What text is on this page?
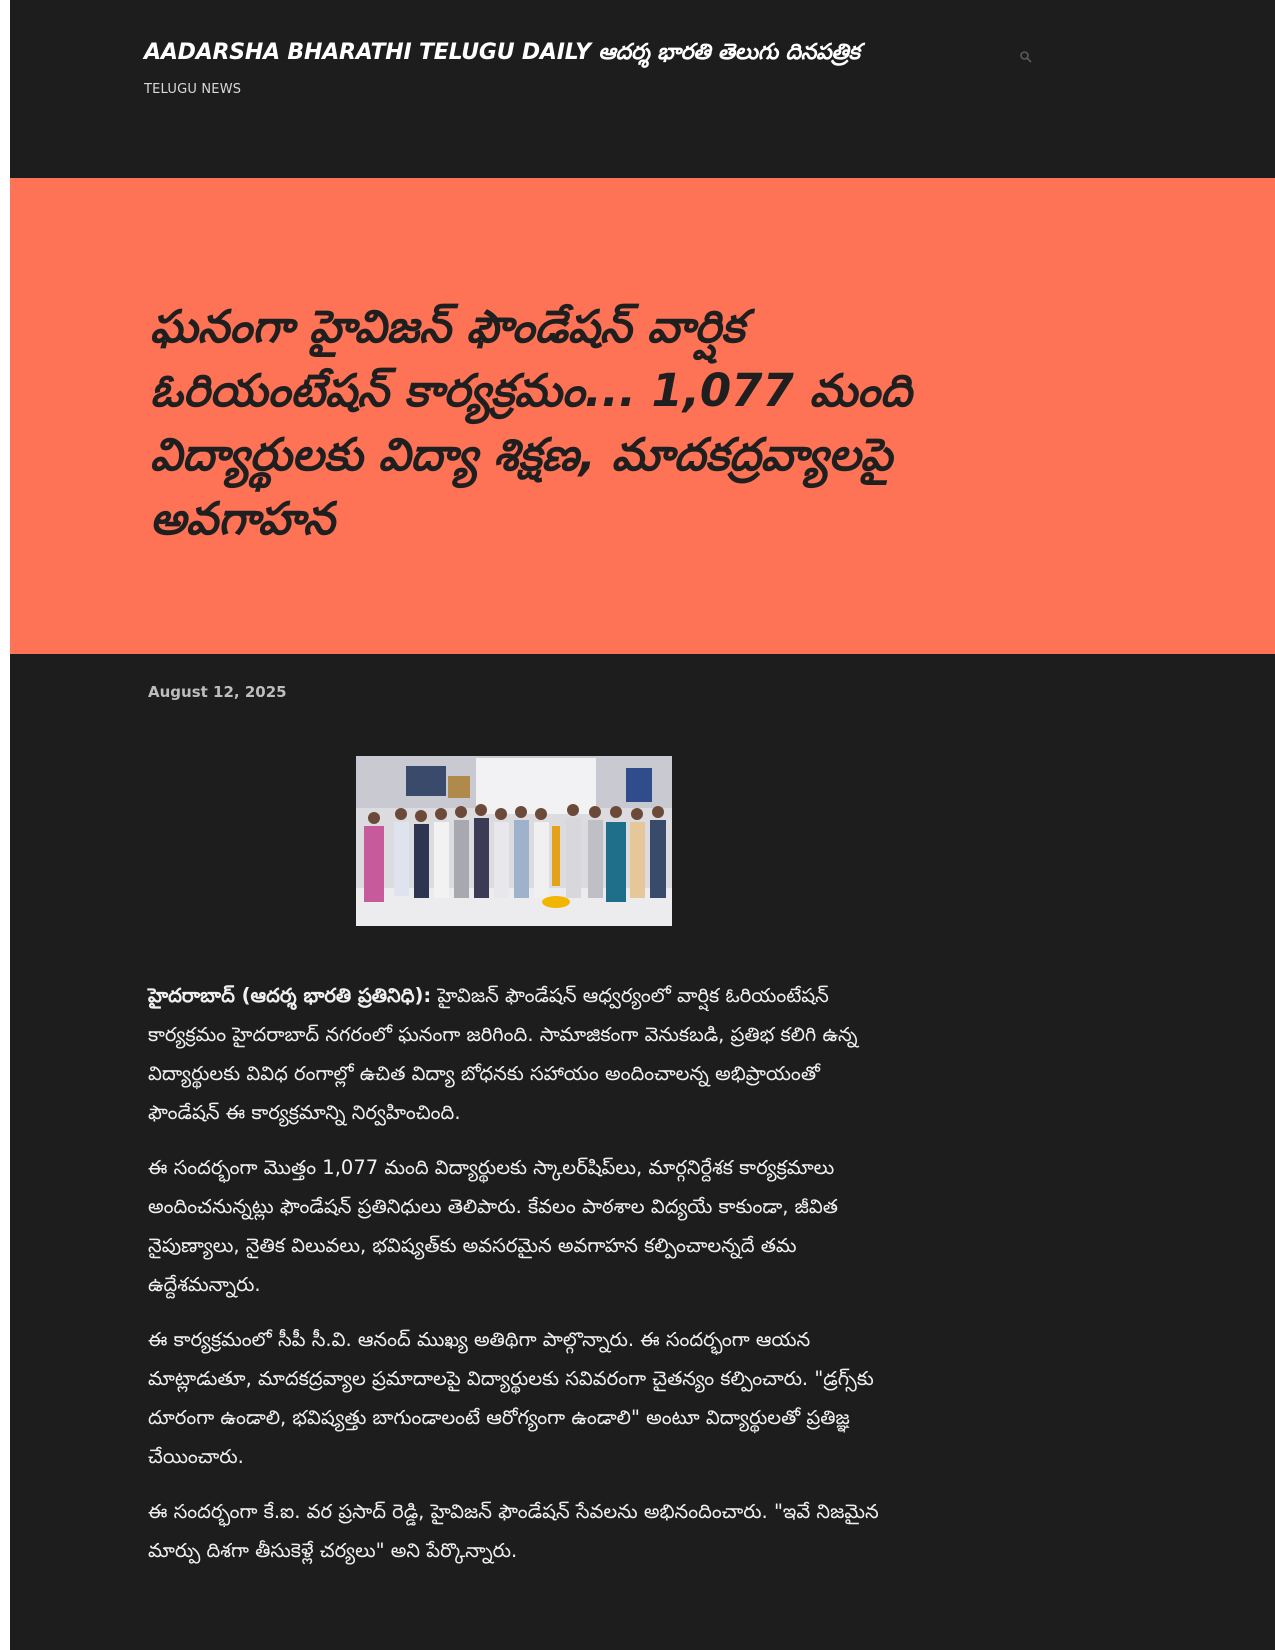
AADARSHA BHARATHI TELUGU DAILY ఆదర్శ భారతి తెలుగు దినపత్రిక
TELUGU NEWS
ఘనంగా హైవిజన్ ఫౌండేషన్ వార్షిక ఓరియంటేషన్ కార్యక్రమం... 1,077 మంది విద్యార్థులకు విద్యా శిక్షణ, మాదకద్రవ్యాలపై అవగాహన
August 12, 2025

హైదరాబాద్ (ఆదర్శ భారతి ప్రతినిధి): హైవిజన్ ఫౌండేషన్ ఆధ్వర్యంలో వార్షిక ఓరియంటేషన్ కార్యక్రమం హైదరాబాద్ నగరంలో ఘనంగా జరిగింది. సామాజికంగా వెనుకబడి, ప్రతిభ కలిగి ఉన్న విద్యార్థులకు వివిధ రంగాల్లో ఉచిత విద్యా బోధనకు సహాయం అందించాలన్న అభిప్రాయంతో ఫౌండేషన్ ఈ కార్యక్రమాన్ని నిర్వహించింది.

ఈ సందర్భంగా మొత్తం 1,077 మంది విద్యార్థులకు స్కాలర్‌షిప్‌లు, మార్గనిర్దేశక కార్యక్రమాలు అందించనున్నట్లు ఫౌండేషన్ ప్రతినిధులు తెలిపారు. కేవలం పాఠశాల విద్యయే కాకుండా, జీవిత నైపుణ్యాలు, నైతిక విలువలు, భవిష్యత్‌కు అవసరమైన అవగాహన కల్పించాలన్నదే తమ ఉద్దేశమన్నారు.

ఈ కార్యక్రమంలో సీపీ సీ.వి. ఆనంద్ ముఖ్య అతిథిగా పాల్గొన్నారు. ఈ సందర్భంగా ఆయన మాట్లాడుతూ, మాదకద్రవ్యాల ప్రమాదాలపై విద్యార్థులకు సవివరంగా చైతన్యం కల్పించారు. "డ్రగ్స్‌కు దూరంగా ఉండాలి, భవిష్యత్తు బాగుండాలంటే ఆరోగ్యంగా ఉండాలి" అంటూ విద్యార్థులతో ప్రతిజ్ఞ చేయించారు.

ఈ సందర్భంగా కే.ఐ. వర ప్రసాద్ రెడ్డి, హైవిజన్ ఫౌండేషన్ సేవలను అభినందించారు. "ఇవే నిజమైన మార్పు దిశగా తీసుకెళ్లే చర్యలు" అని పేర్కొన్నారు.
